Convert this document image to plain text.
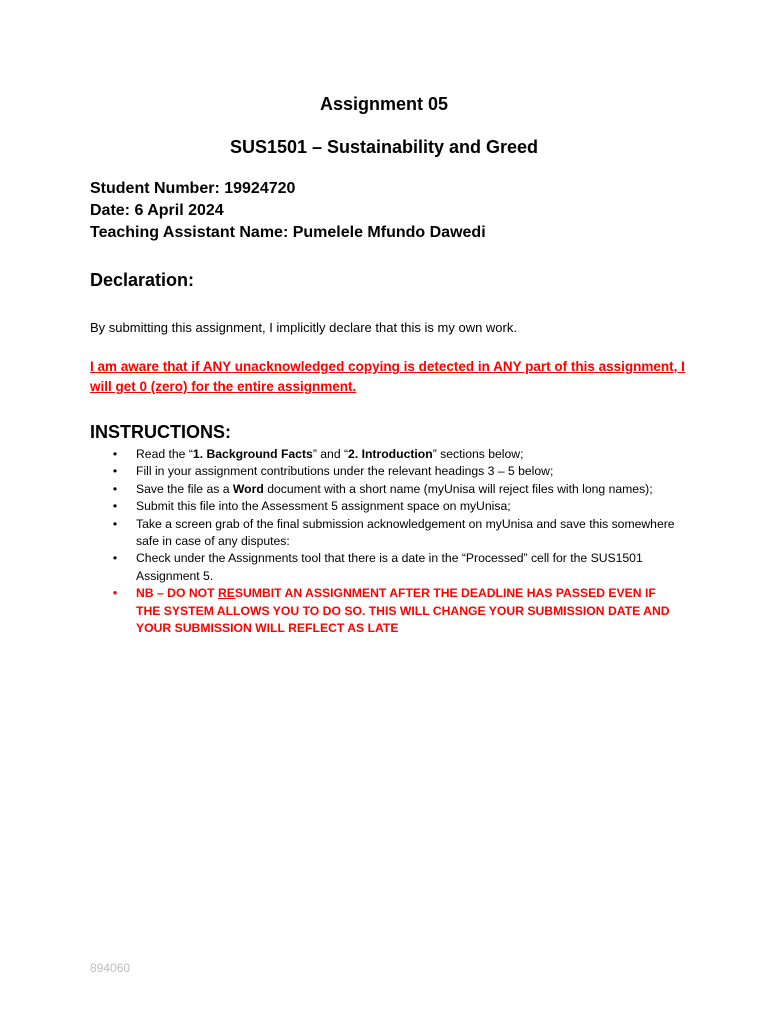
Assignment 05
SUS1501 – Sustainability and Greed
Student Number: 19924720
Date: 6 April 2024
Teaching Assistant Name: Pumelele Mfundo Dawedi
Declaration:

By submitting this assignment, I implicitly declare that this is my own work.

I am aware that if ANY unacknowledged copying is detected in ANY part of this assignment, I will get 0 (zero) for the entire assignment.

INSTRUCTIONS:
• Read the “1. Background Facts” and “2. Introduction” sections below;
• Fill in your assignment contributions under the relevant headings 3 – 5 below;
• Save the file as a Word document with a short name (myUnisa will reject files with long names);
• Submit this file into the Assessment 5 assignment space on myUnisa;
• Take a screen grab of the final submission acknowledgement on myUnisa and save this somewhere safe in case of any disputes:
• Check under the Assignments tool that there is a date in the “Processed” cell for the SUS1501 Assignment 5.
• NB – DO NOT RESUMBIT AN ASSIGNMENT AFTER THE DEADLINE HAS PASSED EVEN IF THE SYSTEM ALLOWS YOU TO DO SO. THIS WILL CHANGE YOUR SUBMISSION DATE AND YOUR SUBMISSION WILL REFLECT AS LATE

894060
